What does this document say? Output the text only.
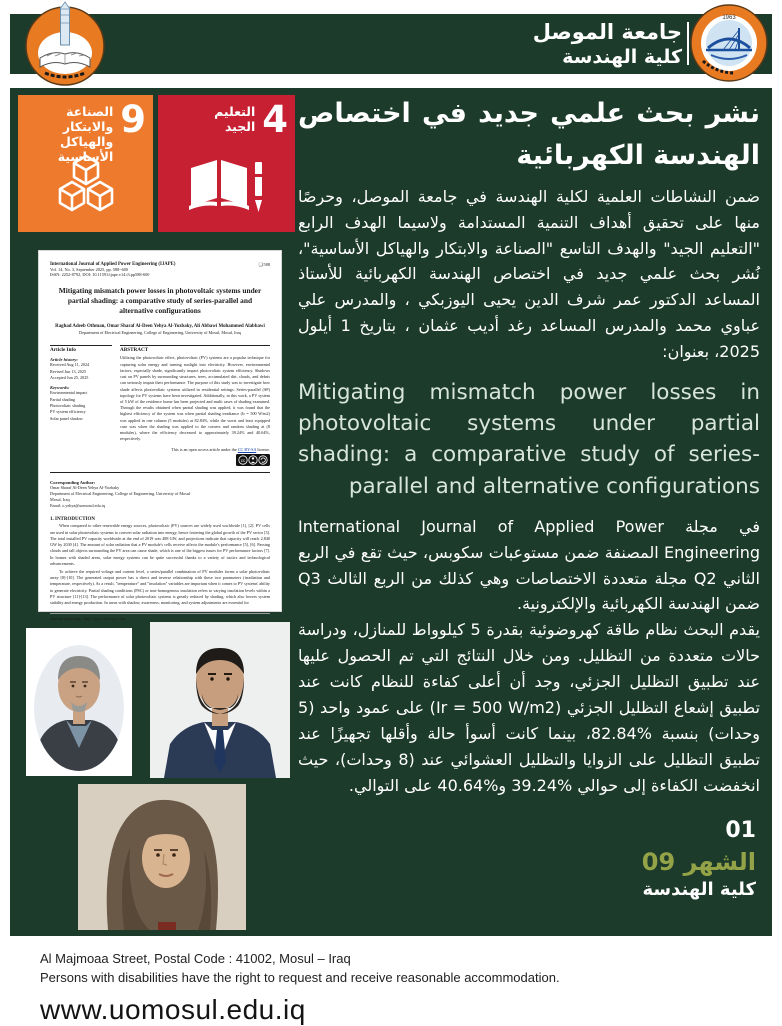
جامعة الموصل
كلية الهندسة
1963
الصناعة والابتكار
والهياكل
الأساسية
9	التعليم
الجيد 4 نشر بحث علمي جديد في اختصاص الهندسة الكهربائية

ضمن النشاطات العلمية لكلية الهندسة في جامعة الموصل، وحرصًا منها على تحقيق أهداف التنمية المستدامة ولاسيما الهدف الرابع "التعليم الجيد" والهدف التاسع "الصناعة والابتكار والهياكل الأساسية"، نُشر بحث علمي جديد في اختصاص الهندسة الكهربائية للأستاذ المساعد الدكتور عمر شرف الدين يحيى اليوزبكي ، والمدرس علي عباوي محمد والمدرس المساعد رغد أديب عثمان ، بتاريخ 1 أيلول 2025، بعنوان:

Mitigating mismatch power losses in photovoltaic systems under partial shading: a comparative study of series-parallel and alternative configurations

في مجلة International Journal of Applied Power Engineering المصنفة ضمن مستوعبات سكوبس، حيث تقع في الربع الثاني Q2 مجلة متعددة الاختصاصات وهي كذلك من الربع الثالث Q3 ضمن الهندسة الكهربائية والإلكترونية.

يقدم البحث نظام طاقة كهروضوئية بقدرة 5 كيلوواط للمنازل، ودراسة حالات متعددة من التظليل. ومن خلال النتائج التي تم الحصول عليها عند تطبيق التظليل الجزئي، وجد أن أعلى كفاءة للنظام كانت عند تطبيق إشعاع التظليل الجزئي (Ir = 500 W/m2) على عمود واحد (5 وحدات) بنسبة %82.84، بينما كانت أسوأ حالة وأقلها تجهيزًا عند تطبيق التظليل على الزوايا والتظليل العشوائي عند (8 وحدات)، حيث انخفضت الكفاءة إلى حوالي %39.24 و%40.64 على التوالي.

International Journal of Applied Power Engineering (IJAPE)
Vol. 14, No. 3, September 2025, pp. 588~600
ISSN: 2252-8792, DOI: 10.11591/ijape.v14.i3.pp588-600
❑ 588
Mitigating mismatch power losses in photovoltaic systems under partial shading: a comparative study of series-parallel and alternative configurations
Raghad Adeeb Othman, Omar Sharaf Al-Deen Yehya Al-Yozbaky, Ali Abbawi Mohammed Alabbawi
Department of Electrical Engineering, College of Engineering, University of Mosul, Mosul, Iraq
Article Info
Article history:
Received Aug 11, 2024
Revised Jun 13, 2025
Accepted Jun 25, 2025
Keywords:
Environmental impact
Partial shading
Photovoltaic shading
PV system efficiency
Solar panel shadow
ABSTRACT
Utilizing the photovoltaic effect, photovoltaic (PV) systems are a popular technique for capturing solar energy and turning sunlight into electricity. However, environmental factors, especially shade, significantly impact photovoltaic system efficiency. Shadows cast on PV panels by surrounding structures, trees, accumulated dirt, clouds, and debris can seriously impair their performance. The purpose of this study was to investigate how shade affects photovoltaic systems utilized in residential settings. Series-parallel (SP) topology for PV systems have been investigated. Additionally, in this work, a PV system of 5 kW of the residence home has been projected and multi cases of shading examined. Through the results obtained when partial shading was applied, it was found that the highest efficiency of the system was when partial shading irradiance (Ir = 500 W/m2) was applied in one column (5 modules) at 82.84%, while the worst and least equipped case was when the shading was applied to the corners and random shading at (8 modules), where the efficiency decreased to approximately 39.24% and 40.64%, respectively.
This is an open access article under the CC BY-SA license.
cc
Corresponding Author:
Omar Sharaf Al-Deen Yehya Al-Yozbaky
Department of Electrical Engineering, College of Engineering, University of Mosul
Mosul, Iraq
Email: o.yehya@uomosul.edu.iq
1. INTRODUCTION
When compared to other renewable energy sources, photovoltaic (PV) sources are widely used worldwide [1], [2]. PV cells are used in solar photovoltaic systems to convert solar radiation into energy, hence fostering the global growth of the PV sector [3]. The total installed PV capacity worldwide at the end of 2019 was 488 GW, and projections indicate that capacity will reach 2,840 GW by 2030 [4]. The amount of solar radiation that a PV module's cells receive affects the module's performance [5], [6]. Passing clouds and tall objects surrounding the PV area can cause shade, which is one of the biggest issues for PV performance factors [7]. In homes with shaded areas, solar energy systems can be quite successful thanks to a variety of tactics and technological advancements.
To achieve the required voltage and current level, a series/parallel combination of PV modules forms a solar photovoltaic array [8]-[10]. The generated output power has a direct and inverse relationship with these two parameters (irradiation and temperature, respectively). As a result, "temperature" and "insolation" variables are important when it comes to PV systems' ability to generate electricity. Partial shading conditions (PSC) or non-homogenous insolation refers to varying insolation levels within a PV structure [11]-[13]. The performance of solar photovoltaic systems is greatly reduced by shading, which also lowers system stability and energy production. In areas with shadow, awareness, monitoring, and system adjustments are essential for
Journal homepage: http://ijape.iaescore.com
01
الشهر 09
كلية الهندسة
Al Majmoaa Street, Postal Code : 41002, Mosul – Iraq
Persons with disabilities have the right to request and receive reasonable accommodation.
www.uomosul.edu.iq
